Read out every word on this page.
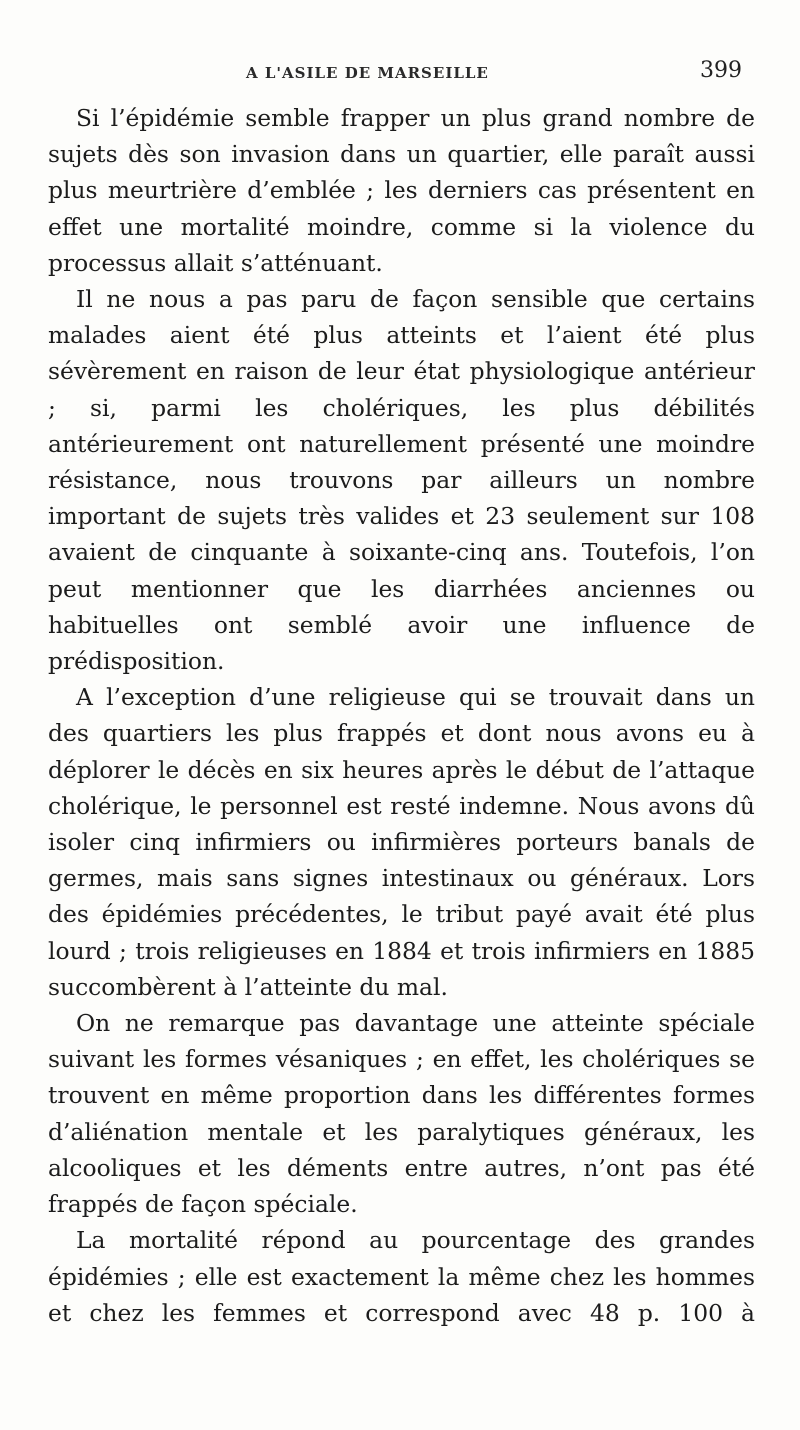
A L'ASILE DE MARSEILLE	399

Si l’épidémie semble frapper un plus grand nombre de sujets dès son invasion dans un quartier, elle paraît aussi plus meurtrière d’emblée ; les derniers cas présentent en effet une mortalité moindre, comme si la violence du processus allait s’atténuant.

Il ne nous a pas paru de façon sensible que certains malades aient été plus atteints et l’aient été plus sévèrement en raison de leur état physiologique antérieur ; si, parmi les cholériques, les plus débilités antérieurement ont naturellement présenté une moindre résistance, nous trouvons par ailleurs un nombre important de sujets très valides et 23 seulement sur 108 avaient de cinquante à soixante-cinq ans. Toutefois, l’on peut mentionner que les diarrhées anciennes ou habituelles ont semblé avoir une influence de prédisposition.

A l’exception d’une religieuse qui se trouvait dans un des quartiers les plus frappés et dont nous avons eu à déplorer le décès en six heures après le début de l’attaque cholérique, le personnel est resté indemne. Nous avons dû isoler cinq infirmiers ou infirmières porteurs banals de germes, mais sans signes intestinaux ou généraux. Lors des épidémies précédentes, le tribut payé avait été plus lourd ; trois religieuses en 1884 et trois infirmiers en 1885 succombèrent à l’atteinte du mal.

On ne remarque pas davantage une atteinte spéciale suivant les formes vésaniques ; en effet, les cholériques se trouvent en même proportion dans les différentes formes d’aliénation mentale et les paralytiques généraux, les alcooliques et les déments entre autres, n’ont pas été frappés de façon spéciale.

La mortalité répond au pourcentage des grandes épidémies ; elle est exactement la même chez les hommes et chez les femmes et correspond avec 48 p. 100 à
